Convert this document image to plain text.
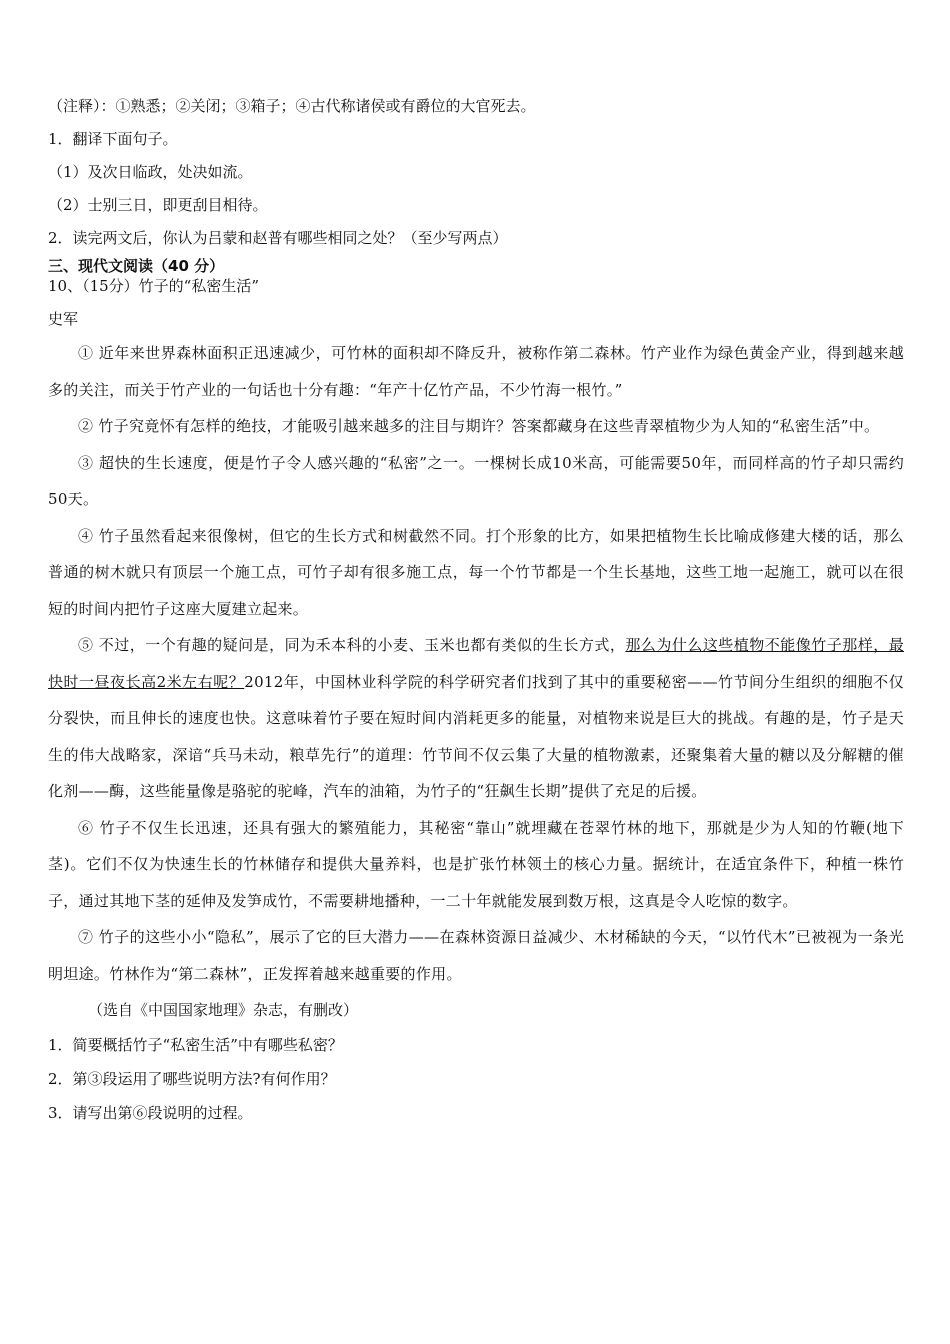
（注释）：①熟悉；②关闭；③箱子；④古代称诸侯或有爵位的大官死去。

1．翻译下面句子。

（1）及次日临政，处决如流。

（2）士别三日，即更刮目相待。

2．读完两文后，你认为吕蒙和赵普有哪些相同之处？（至少写两点）

三、现代文阅读（40 分）

10、（15分）竹子的“私密生活”

史军

① 近年来世界森林面积正迅速减少，可竹林的面积却不降反升，被称作第二森林。竹产业作为绿色黄金产业，得到越来越多的关注，而关于竹产业的一句话也十分有趣：“年产十亿竹产品，不少竹海一根竹。”

② 竹子究竟怀有怎样的绝技，才能吸引越来越多的注目与期许？答案都藏身在这些青翠植物少为人知的“私密生活”中。

③ 超快的生长速度，便是竹子令人感兴趣的“私密”之一。一棵树长成10米高，可能需要50年，而同样高的竹子却只需约50天。

④ 竹子虽然看起来很像树，但它的生长方式和树截然不同。打个形象的比方，如果把植物生长比喻成修建大楼的话，那么普通的树木就只有顶层一个施工点，可竹子却有很多施工点，每一个竹节都是一个生长基地，这些工地一起施工，就可以在很短的时间内把竹子这座大厦建立起来。

⑤ 不过，一个有趣的疑问是，同为禾本科的小麦、玉米也都有类似的生长方式，那么为什么这些植物不能像竹子那样，最快时一昼夜长高2米左右呢？2012年，中国林业科学院的科学研究者们找到了其中的重要秘密——竹节间分生组织的细胞不仅分裂快，而且伸长的速度也快。这意味着竹子要在短时间内消耗更多的能量，对植物来说是巨大的挑战。有趣的是，竹子是天生的伟大战略家，深谙“兵马未动，粮草先行”的道理：竹节间不仅云集了大量的植物激素，还聚集着大量的糖以及分解糖的催化剂——酶，这些能量像是骆驼的驼峰，汽车的油箱，为竹子的“狂飙生长期”提供了充足的后援。

⑥ 竹子不仅生长迅速，还具有强大的繁殖能力，其秘密“靠山”就埋藏在苍翠竹林的地下，那就是少为人知的竹鞭(地下茎)。它们不仅为快速生长的竹林储存和提供大量养料，也是扩张竹林领土的核心力量。据统计，在适宜条件下，种植一株竹子，通过其地下茎的延伸及发笋成竹，不需要耕地播种，一二十年就能发展到数万根，这真是令人吃惊的数字。

⑦ 竹子的这些小小“隐私”，展示了它的巨大潜力——在森林资源日益减少、木材稀缺的今天，“以竹代木”已被视为一条光明坦途。竹林作为“第二森林”，正发挥着越来越重要的作用。

（选自《中国国家地理》杂志，有删改）

1．简要概括竹子“私密生活”中有哪些私密？

2．第③段运用了哪些说明方法?有何作用？

3．请写出第⑥段说明的过程。
